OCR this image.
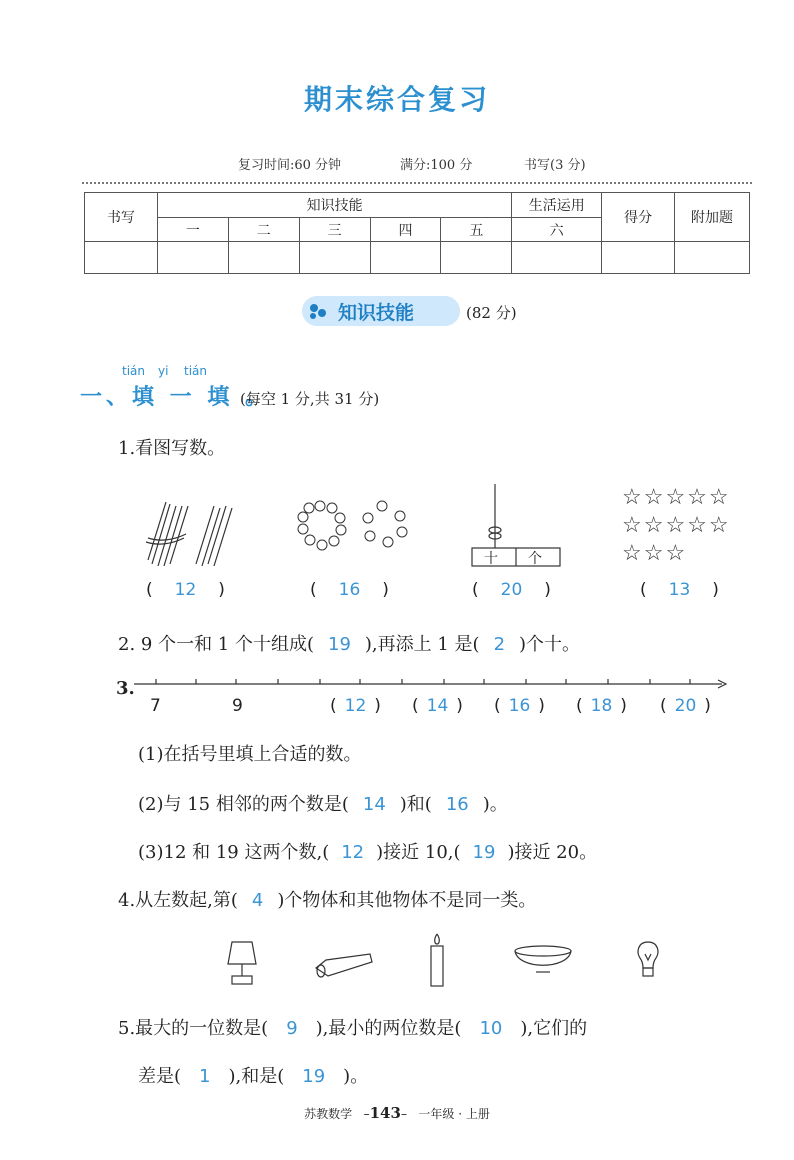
期末综合复习
复习时间:60 分钟	满分:100 分	书写(3 分)
书写	知识技能					生活运用	得分	附加题
	一	二	三	四	五	六		

知识技能	(82 分)
tián yi tián
一、填 一 填 。
(每空 1 分,共 31 分)
1.看图写数。
十 个
☆☆☆☆☆
☆☆☆☆☆
☆☆☆
( 12 )	( 16 )	( 20 )	( 13 )
2. 9 个一和 1 个十组成( 19 ),再添上 1 是( 2 )个十。
3.
7	9	( 12 ) ( 14 ) ( 16 ) ( 18 ) ( 20 )
(1)在括号里填上合适的数。
(2)与 15 相邻的两个数是( 14 )和( 16 )。
(3)12 和 19 这两个数,( 12 )接近 10,( 19 )接近 20。
4.从左数起,第( 4 )个物体和其他物体不是同一类。
5.最大的一位数是( 9 ),最小的两位数是( 10 ),它们的
差是( 1 ),和是( 19 )。
苏教数学   –143–   一年级 · 上册
